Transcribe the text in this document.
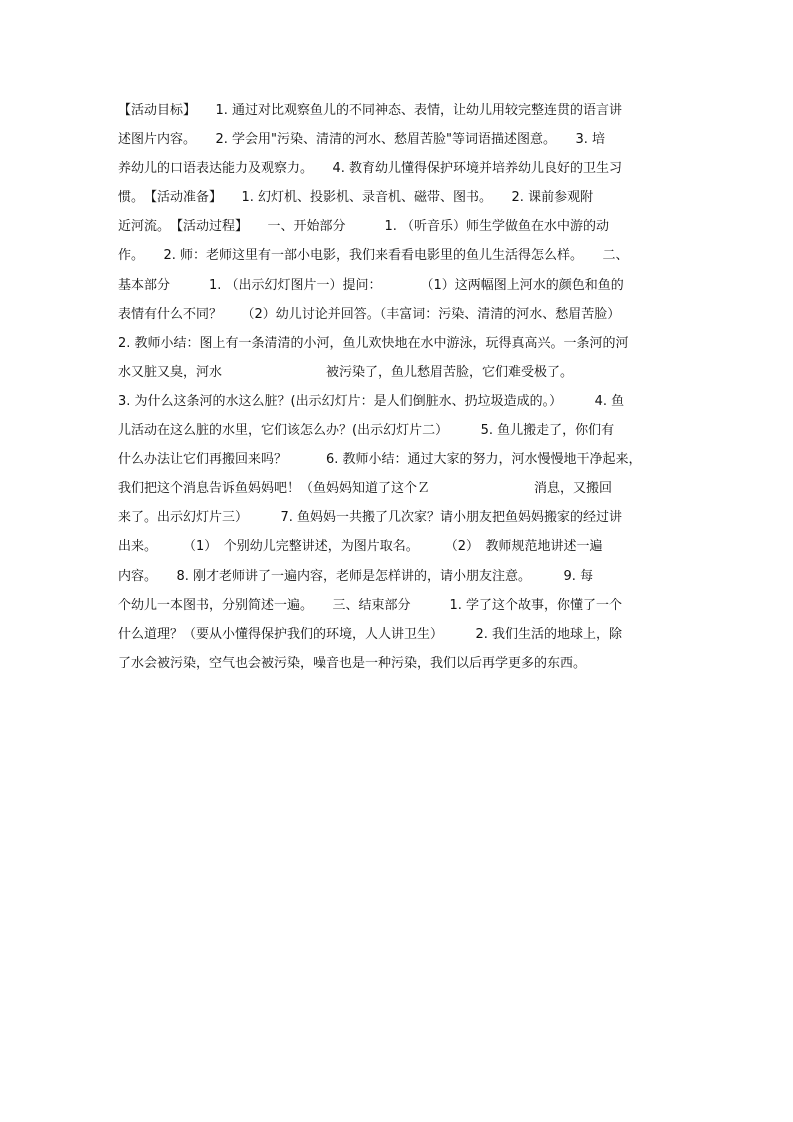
【活动目标】　　1. 通过对比观察鱼儿的不同神态、表情，让幼儿用较完整连贯的语言讲
述图片内容。　　2. 学会用"污染、清清的河水、愁眉苦脸"等词语描述图意。　　3. 培
养幼儿的口语表达能力及观察力。　　4. 教育幼儿懂得保护环境并培养幼儿良好的卫生习
惯。　【活动准备】　　1. 幻灯机、投影机、录音机、磁带、图书。　　2. 课前参观附
近河流。　【活动过程】　　一、开始部分　　　1. （听音乐）师生学做鱼在水中游的动
作。　　2. 师：老师这里有一部小电影，我们来看看电影里的鱼儿生活得怎么样。　　二、
基本部分　　　1. （出示幻灯图片一）提问：　　　　（1）这两幅图上河水的颜色和鱼的
表情有什么不同？　　（2）幼儿讨论并回答。（丰富词：污染、清清的河水、愁眉苦脸）
2. 教师小结：图上有一条清清的小河，鱼儿欢快地在水中游泳，玩得真高兴。一条河的河
水又脏又臭，河水　　　　　　　　被污染了，鱼儿愁眉苦脸，它们难受极了。
3. 为什么这条河的水这么脏？(出示幻灯片：是人们倒脏水、扔垃圾造成的。）　　　4. 鱼
儿活动在这么脏的水里，它们该怎么办？(出示幻灯片二）　　　5. 鱼儿搬走了，你们有
什么办法让它们再搬回来吗？　　　6. 教师小结：通过大家的努力，河水慢慢地干净起来，
我们把这个消息告诉鱼妈妈吧！（鱼妈妈知道了这个Ｚ　　　　　　　　消息，又搬回
来了。出示幻灯片三）　　　7. 鱼妈妈一共搬了几次家？请小朋友把鱼妈妈搬家的经过讲
出来。　　　（1）　个别幼儿完整讲述，为图片取名。　　　（2）　教师规范地讲述一遍
内容。　　8. 刚才老师讲了一遍内容，老师是怎样讲的，请小朋友注意。　　　9. 每
个幼儿一本图书，分别简述一遍。　　三、结束部分　　　1. 学了这个故事，你懂了一个
什么道理？（要从小懂得保护我们的环境，人人讲卫生）　　　2. 我们生活的地球上，除
了水会被污染，空气也会被污染，噪音也是一种污染，我们以后再学更多的东西。
